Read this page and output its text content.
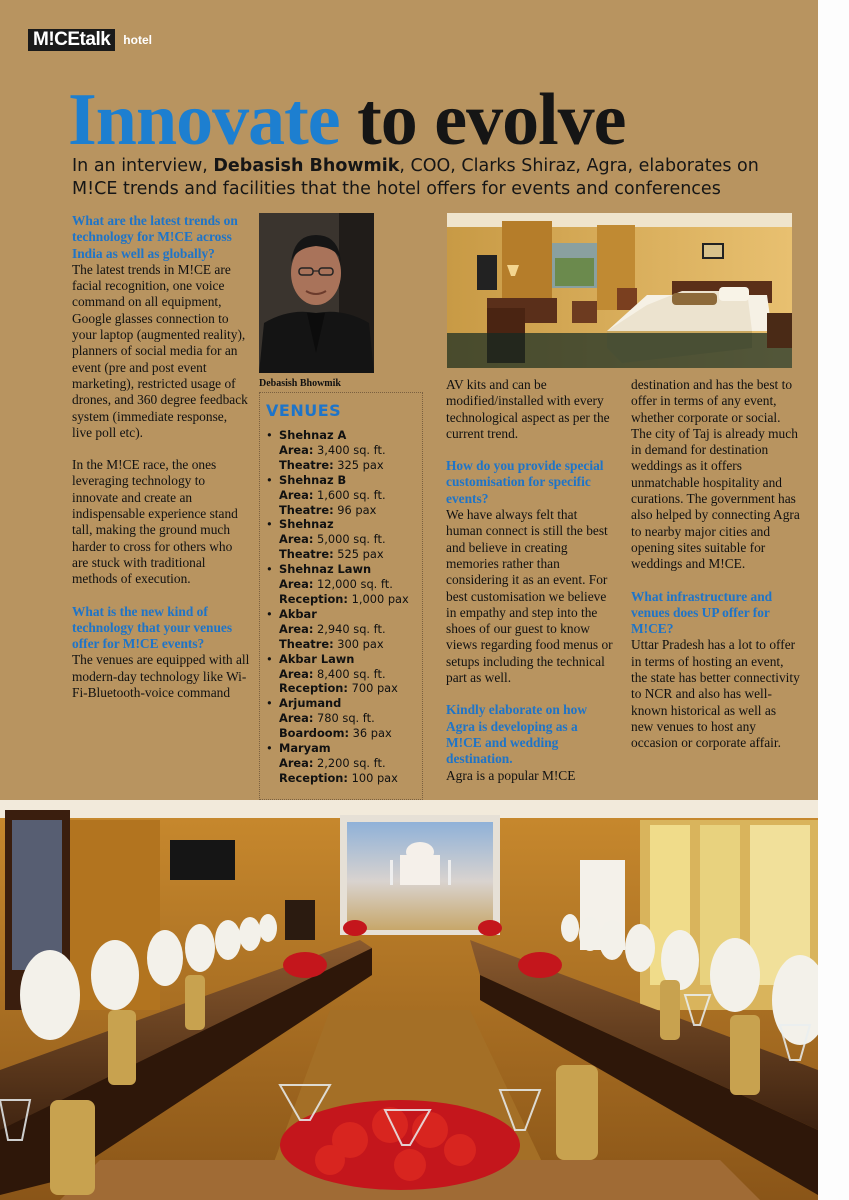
M!CEtalk	hotel
Innovate to evolve
In an interview, Debasish Bhowmik, COO, Clarks Shiraz, Agra, elaborates on M!CE trends and facilities that the hotel offers for events and conferences
What are the latest trends on technology for M!CE across India as well as globally?
The latest trends in M!CE are facial recognition, one voice command on all equipment, Google glasses connection to your laptop (augmented reality), planners of social media for an event (pre and post event marketing), restricted usage of drones, and 360 degree feedback system (immediate response, live poll etc).
In the M!CE race, the ones leveraging technology to innovate and create an indispensable experience stand tall, making the ground much harder to cross for others who are stuck with traditional methods of execution.
What is the new kind of technology that your venues offer for M!CE events?
The venues are equipped with all modern-day technology like Wi-Fi-Bluetooth-voice command
Debasish Bhowmik
VENUES
• Shehnaz A
Area: 3,400 sq. ft.
Theatre: 325 pax
• Shehnaz B
Area: 1,600 sq. ft.
Theatre: 96 pax
• Shehnaz
Area: 5,000 sq. ft.
Theatre: 525 pax
• Shehnaz Lawn
Area: 12,000 sq. ft.
Reception: 1,000 pax
• Akbar
Area: 2,940 sq. ft.
Theatre: 300 pax
• Akbar Lawn
Area: 8,400 sq. ft.
Reception: 700 pax
• Arjumand
Area: 780 sq. ft.
Boardoom: 36 pax
• Maryam
Area: 2,200 sq. ft.
Reception: 100 pax
AV kits and can be modified/installed with every technological aspect as per the current trend.
How do you provide special customisation for specific events?
We have always felt that human connect is still the best and believe in creating memories rather than considering it as an event. For best customisation we believe in empathy and step into the shoes of our guest to know views regarding food menus or setups including the technical part as well.
Kindly elaborate on how Agra is developing as a M!CE and wedding destination.
Agra is a popular M!CE
destination and has the best to offer in terms of any event, whether corporate or social. The city of Taj is already much in demand for destination weddings as it offers unmatchable hospitality and curations. The government has also helped by connecting Agra to nearby major cities and opening sites suitable for weddings and M!CE.
What infrastructure and venues does UP offer for M!CE?
Uttar Pradesh has a lot to offer in terms of hosting an event, the state has better connectivity to NCR and also has well-known historical as well as new venues to host any occasion or corporate affair.
